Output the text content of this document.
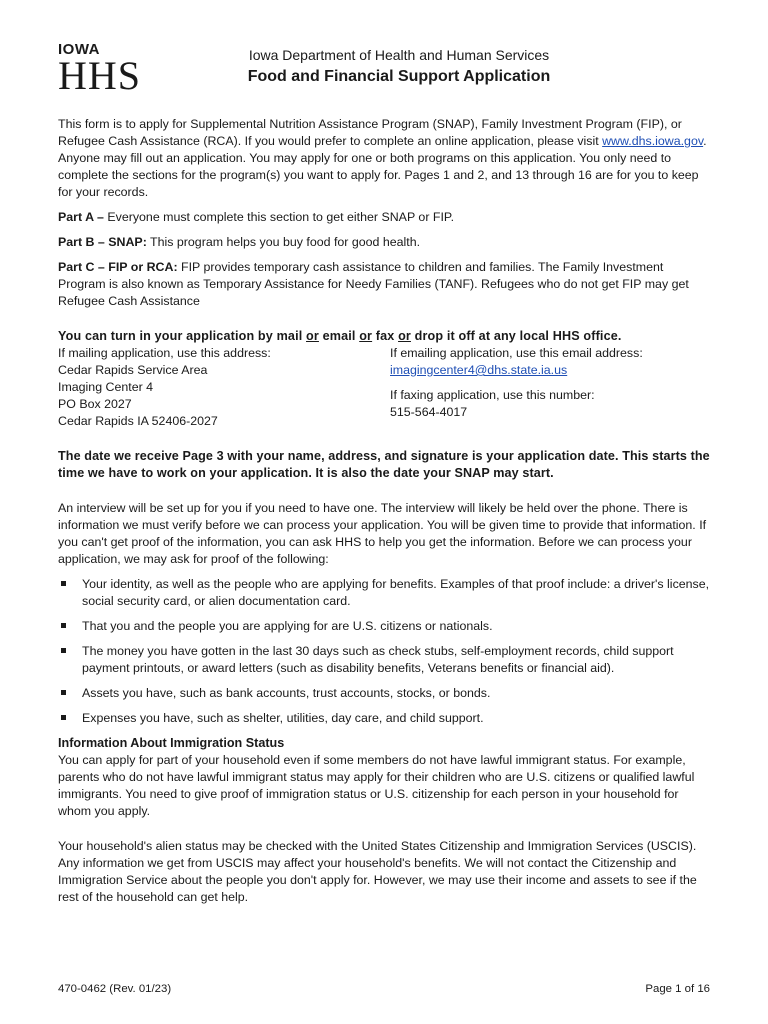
IOWA
HHS	Iowa Department of Health and Human Services
Food and Financial Support Application

This form is to apply for Supplemental Nutrition Assistance Program (SNAP), Family Investment Program (FIP), or Refugee Cash Assistance (RCA). If you would prefer to complete an online application, please visit www.dhs.iowa.gov. Anyone may fill out an application. You may apply for one or both programs on this application. You only need to complete the sections for the program(s) you want to apply for. Pages 1 and 2, and 13 through 16 are for you to keep for your records.

Part A – Everyone must complete this section to get either SNAP or FIP.

Part B – SNAP: This program helps you buy food for good health.

Part C – FIP or RCA: FIP provides temporary cash assistance to children and families. The Family Investment Program is also known as Temporary Assistance for Needy Families (TANF). Refugees who do not get FIP may get Refugee Cash Assistance

You can turn in your application by mail or email or fax or drop it off at any local HHS office.

If mailing application, use this address:
Cedar Rapids Service Area
Imaging Center 4
PO Box 2027
Cedar Rapids IA 52406-2027
If emailing application, use this email address:
imagingcenter4@dhs.state.ia.us
If faxing application, use this number:
515-564-4017

The date we receive Page 3 with your name, address, and signature is your application date. This starts the time we have to work on your application. It is also the date your SNAP may start.

An interview will be set up for you if you need to have one. The interview will likely be held over the phone. There is information we must verify before we can process your application. You will be given time to provide that information. If you can't get proof of the information, you can ask HHS to help you get the information. Before we can process your application, we may ask for proof of the following:

Your identity, as well as the people who are applying for benefits. Examples of that proof include: a driver's license, social security card, or alien documentation card.
That you and the people you are applying for are U.S. citizens or nationals.
The money you have gotten in the last 30 days such as check stubs, self-employment records, child support payment printouts, or award letters (such as disability benefits, Veterans benefits or financial aid).
Assets you have, such as bank accounts, trust accounts, stocks, or bonds.
Expenses you have, such as shelter, utilities, day care, and child support.

Information About Immigration Status

You can apply for part of your household even if some members do not have lawful immigrant status. For example, parents who do not have lawful immigrant status may apply for their children who are U.S. citizens or qualified lawful immigrants. You need to give proof of immigration status or U.S. citizenship for each person in your household for whom you apply.

Your household's alien status may be checked with the United States Citizenship and Immigration Services (USCIS). Any information we get from USCIS may affect your household's benefits. We will not contact the Citizenship and Immigration Service about the people you don't apply for. However, we may use their income and assets to see if the rest of the household can get help.

470-0462 (Rev. 01/23)	Page 1 of 16
